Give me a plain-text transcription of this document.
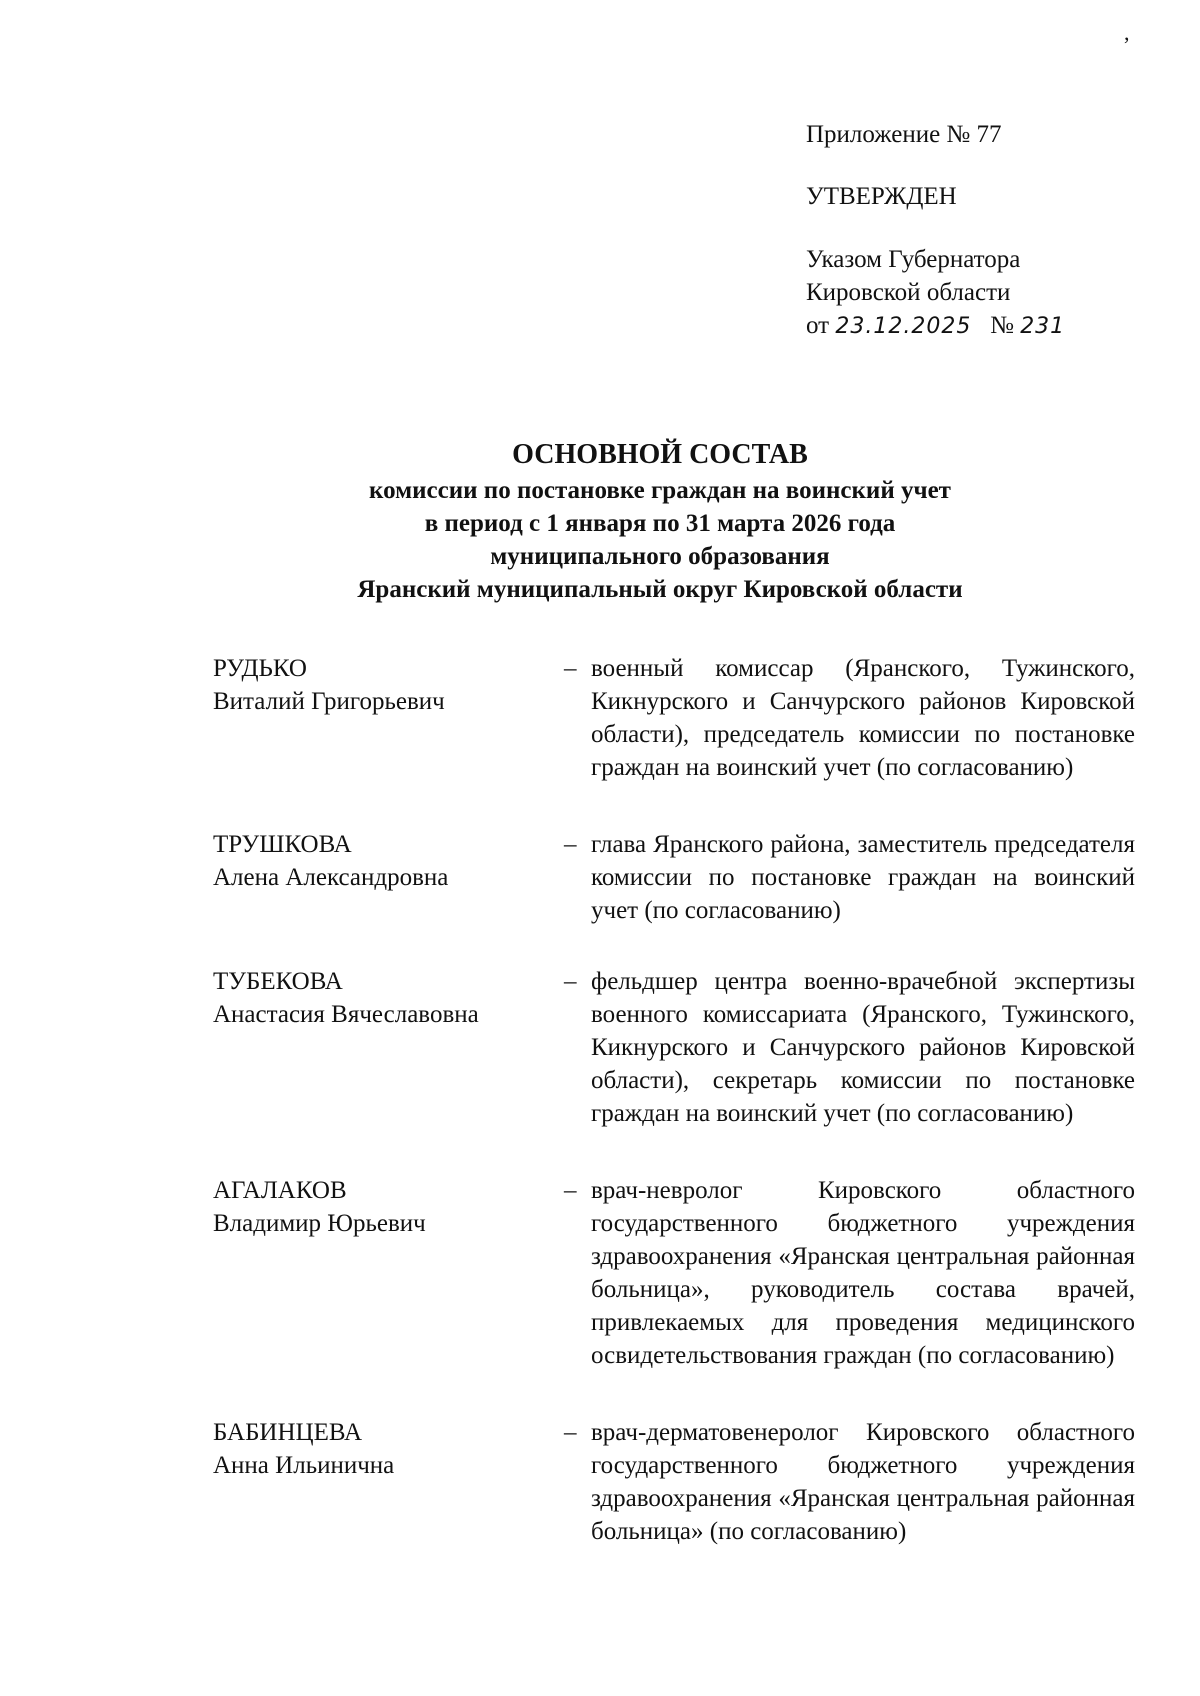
,
Приложение № 77
УТВЕРЖДЕН
Указом Губернатора
Кировской области
от 23.12.2025 № 231
ОСНОВНОЙ СОСТАВ
комиссии по постановке граждан на воинский учет
в период с 1 января по 31 марта 2026 года
муниципального образования
Яранский муниципальный округ Кировской области
РУДЬКО
Виталий Григорьевич
– военный комиссар (Яранского, Тужинского, Кикнурского и Санчурского районов Кировской области), председатель комиссии по постановке граждан на воинский учет (по согласованию)
ТРУШКОВА
Алена Александровна
– глава Яранского района, заместитель председателя комиссии по постановке граждан на воинский учет (по согласованию)
ТУБЕКОВА
Анастасия Вячеславовна
– фельдшер центра военно-врачебной экспертизы военного комиссариата (Яранского, Тужинского, Кикнурского и Санчурского районов Кировской области), секретарь комиссии по постановке граждан на воинский учет (по согласованию)
АГАЛАКОВ
Владимир Юрьевич
– врач-невролог Кировского областного государственного бюджетного учреждения здравоохранения «Яранская центральная районная больница», руководитель состава врачей, привлекаемых для проведения медицинского освидетельствования граждан (по согласованию)
БАБИНЦЕВА
Анна Ильинична
– врач-дерматовенеролог Кировского областного государственного бюджетного учреждения здравоохранения «Яранская центральная районная больница» (по согласованию)
